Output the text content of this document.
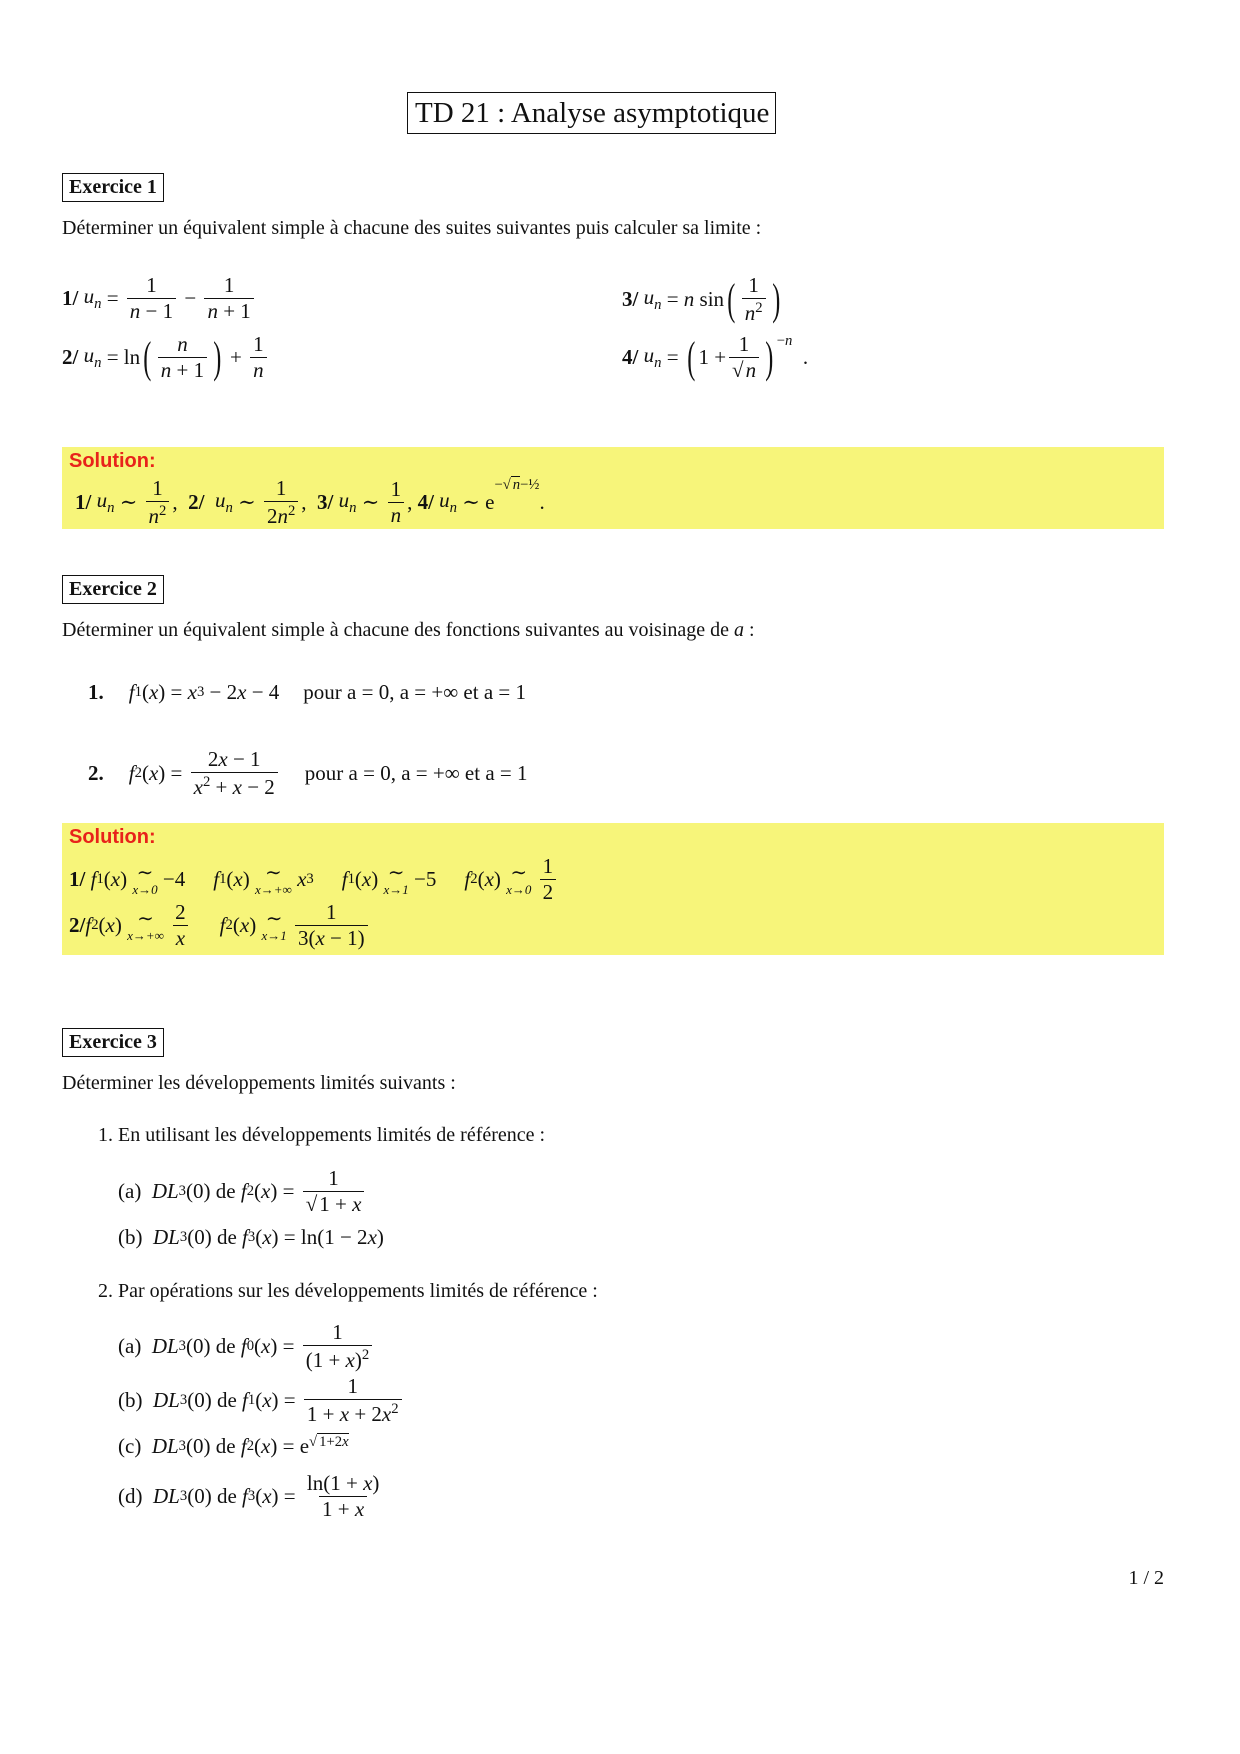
TD 21 : Analyse asymptotique
Exercice 1
Déterminer un équivalent simple à chacune des suites suivantes puis calculer sa limite :
1/
$u_n = \frac{1}{n - 1} - \frac{1}{n + 1}$
2/
$u_n = \ln$ ( $\frac{n}{n + 1}$ ) + $\frac{1}{n}$
3/
$u_n = n$ sin ( $\frac{1}{n^2}$ )
4/
$u_n$ = ( $1 + \frac{1}{√n} )^{-n}$
.
Solution:
1/
$u_n$ ∼ $\frac{1}{n^2}$ , 2/
$u_n$ ∼ $\frac{1}{2n^2}$ , 3/
$u_n$ ∼ $\frac{1}{n}$ , 4/
$u_n$ ∼ e
$^{-√ n-\frac{1}{2}}$
.
Exercice 2
Déterminer un équivalent simple à chacune des fonctions suivantes au voisinage de a :
1. f 1 ( x ) = x 3 − 2 x − 4 pour a = 0, a = +∞ et a = 1
2. f 2 ( x ) = $\frac{2x - 1}{x^2 + x - 2}$ pour a = 0, a = +∞ et a = 1
Solution:
1/
f 1 ( x ) ∼
x→0 −4 f 1 ( x ) ∼
x→+∞
x 3 f 1 ( x ) ∼
x→1 −5 f 2 ( x ) ∼
x→0
$\frac{1}{2}$
2/ f 2 ( x ) ∼
x→+∞
$\frac{2}{x}$ f 2 ( x ) ∼
x→1
$\frac{1}{3(x - 1)}$
Exercice 3
Déterminer les développements limités suivants :
1. En utilisant les développements limités de référence :
(a)
DL 3 (0) de
f 2 ( x ) = $\frac{1}{√1 + x}$
(b)
DL 3 (0) de
f 3 ( x ) = ln(1 − 2 x )
2. Par opérations sur les développements limités de référence :
(a)
DL 3 (0) de
f 0 ( x ) = $\frac{1}{(1 + x)^2}$
(b)
DL 3 (0) de
f 1 ( x ) = $\frac{1}{1 + x + 2x^2}$
(c)
DL 3 (0) de
f 2 ( x ) = e √ 1+2x
(d)
DL 3 (0) de
f 3 ( x ) = $\frac{\ln(1 + x)}{1 + x}$
1 / 2
